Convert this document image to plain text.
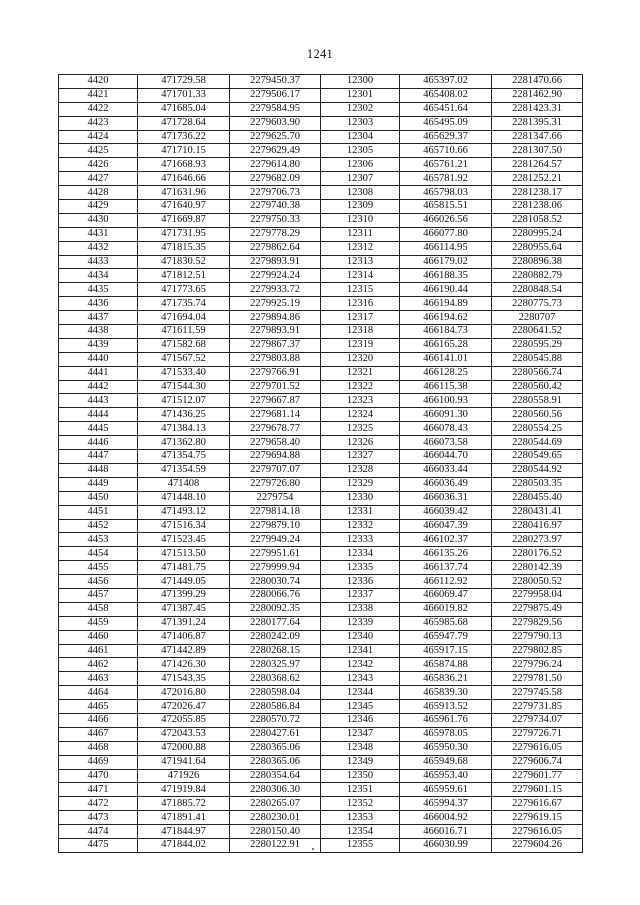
1241
4420	471729.58	2279450.37	12300	465397.02	2281470.66
4421	471701.33	2279506.17	12301	465408.02	2281462.90
4422	471685.04	2279584.95	12302	465451.64	2281423.31
4423	471728.64	2279603.90	12303	465495.09	2281395.31
4424	471736.22	2279625.70	12304	465629.37	2281347.66
4425	471710.15	2279629.49	12305	465710.66	2281307.50
4426	471668.93	2279614.80	12306	465761.21	2281264.57
4427	471646.66	2279682.09	12307	465781.92	2281252.21
4428	471631.96	2279706.73	12308	465798.03	2281238.17
4429	471640.97	2279740.38	12309	465815.51	2281238.06
4430	471669.87	2279750.33	12310	466026.56	2281058.52
4431	471731.95	2279778.29	12311	466077.80	2280995.24
4432	471815.35	2279862.64	12312	466114.95	2280955.64
4433	471830.52	2279893.91	12313	466179.02	2280896.38
4434	471812.51	2279924.24	12314	466188.35	2280882.79
4435	471773.65	2279933.72	12315	466190.44	2280848.54
4436	471735.74	2279925.19	12316	466194.89	2280775.73
4437	471694.04	2279894.86	12317	466194.62	2280707
4438	471611.59	2279893.91	12318	466184.73	2280641.52
4439	471582.68	2279867.37	12319	466165.28	2280595.29
4440	471567.52	2279803.88	12320	466141.01	2280545.88
4441	471533.40	2279766.91	12321	466128.25	2280566.74
4442	471544.30	2279701.52	12322	466115.38	2280560.42
4443	471512.07	2279667.87	12323	466100.93	2280558.91
4444	471436.25	2279681.14	12324	466091.30	2280560.56
4445	471384.13	2279678.77	12325	466078.43	2280554.25
4446	471362.80	2279658.40	12326	466073.58	2280544.69
4447	471354.75	2279694.88	12327	466044.70	2280549.65
4448	471354.59	2279707.07	12328	466033.44	2280544.92
4449	471408	2279726.80	12329	466036.49	2280503.35
4450	471448.10	2279754	12330	466036.31	2280455.40
4451	471493.12	2279814.18	12331	466039.42	2280431.41
4452	471516.34	2279879.10	12332	466047.39	2280416.97
4453	471523.45	2279949.24	12333	466102.37	2280273.97
4454	471513.50	2279951.61	12334	466135.26	2280176.52
4455	471481.75	2279999.94	12335	466137.74	2280142.39
4456	471449.05	2280030.74	12336	466112.92	2280050.52
4457	471399.29	2280066.76	12337	466069.47	2279958.04
4458	471387.45	2280092.35	12338	466019.82	2279875.49
4459	471391.24	2280177.64	12339	465985.68	2279829.56
4460	471406.87	2280242.09	12340	465947.79	2279790.13
4461	471442.89	2280268.15	12341	465917.15	2279802.85
4462	471426.30	2280325.97	12342	465874.88	2279796.24
4463	471543.35	2280368.62	12343	465836.21	2279781.50
4464	472016.80	2280598.04	12344	465839.30	2279745.58
4465	472026.47	2280586.84	12345	465913.52	2279731.85
4466	472055.85	2280570.72	12346	465961.76	2279734.07
4467	472043.53	2280427.61	12347	465978.05	2279726.71
4468	472000.88	2280365.06	12348	465950.30	2279616.05
4469	471941.64	2280365.06	12349	465949.68	2279606.74
4470	471926	2280354.64	12350	465953.40	2279601.77
4471	471919.84	2280306.30	12351	465959.61	2279601.15
4472	471885.72	2280265.07	12352	465994.37	2279616.67
4473	471891.41	2280230.01	12353	466004.92	2279619.15
4474	471844.97	2280150.40	12354	466016.71	2279616.05
4475	471844.02	2280122.91	12355	466030.99	2279604.26
